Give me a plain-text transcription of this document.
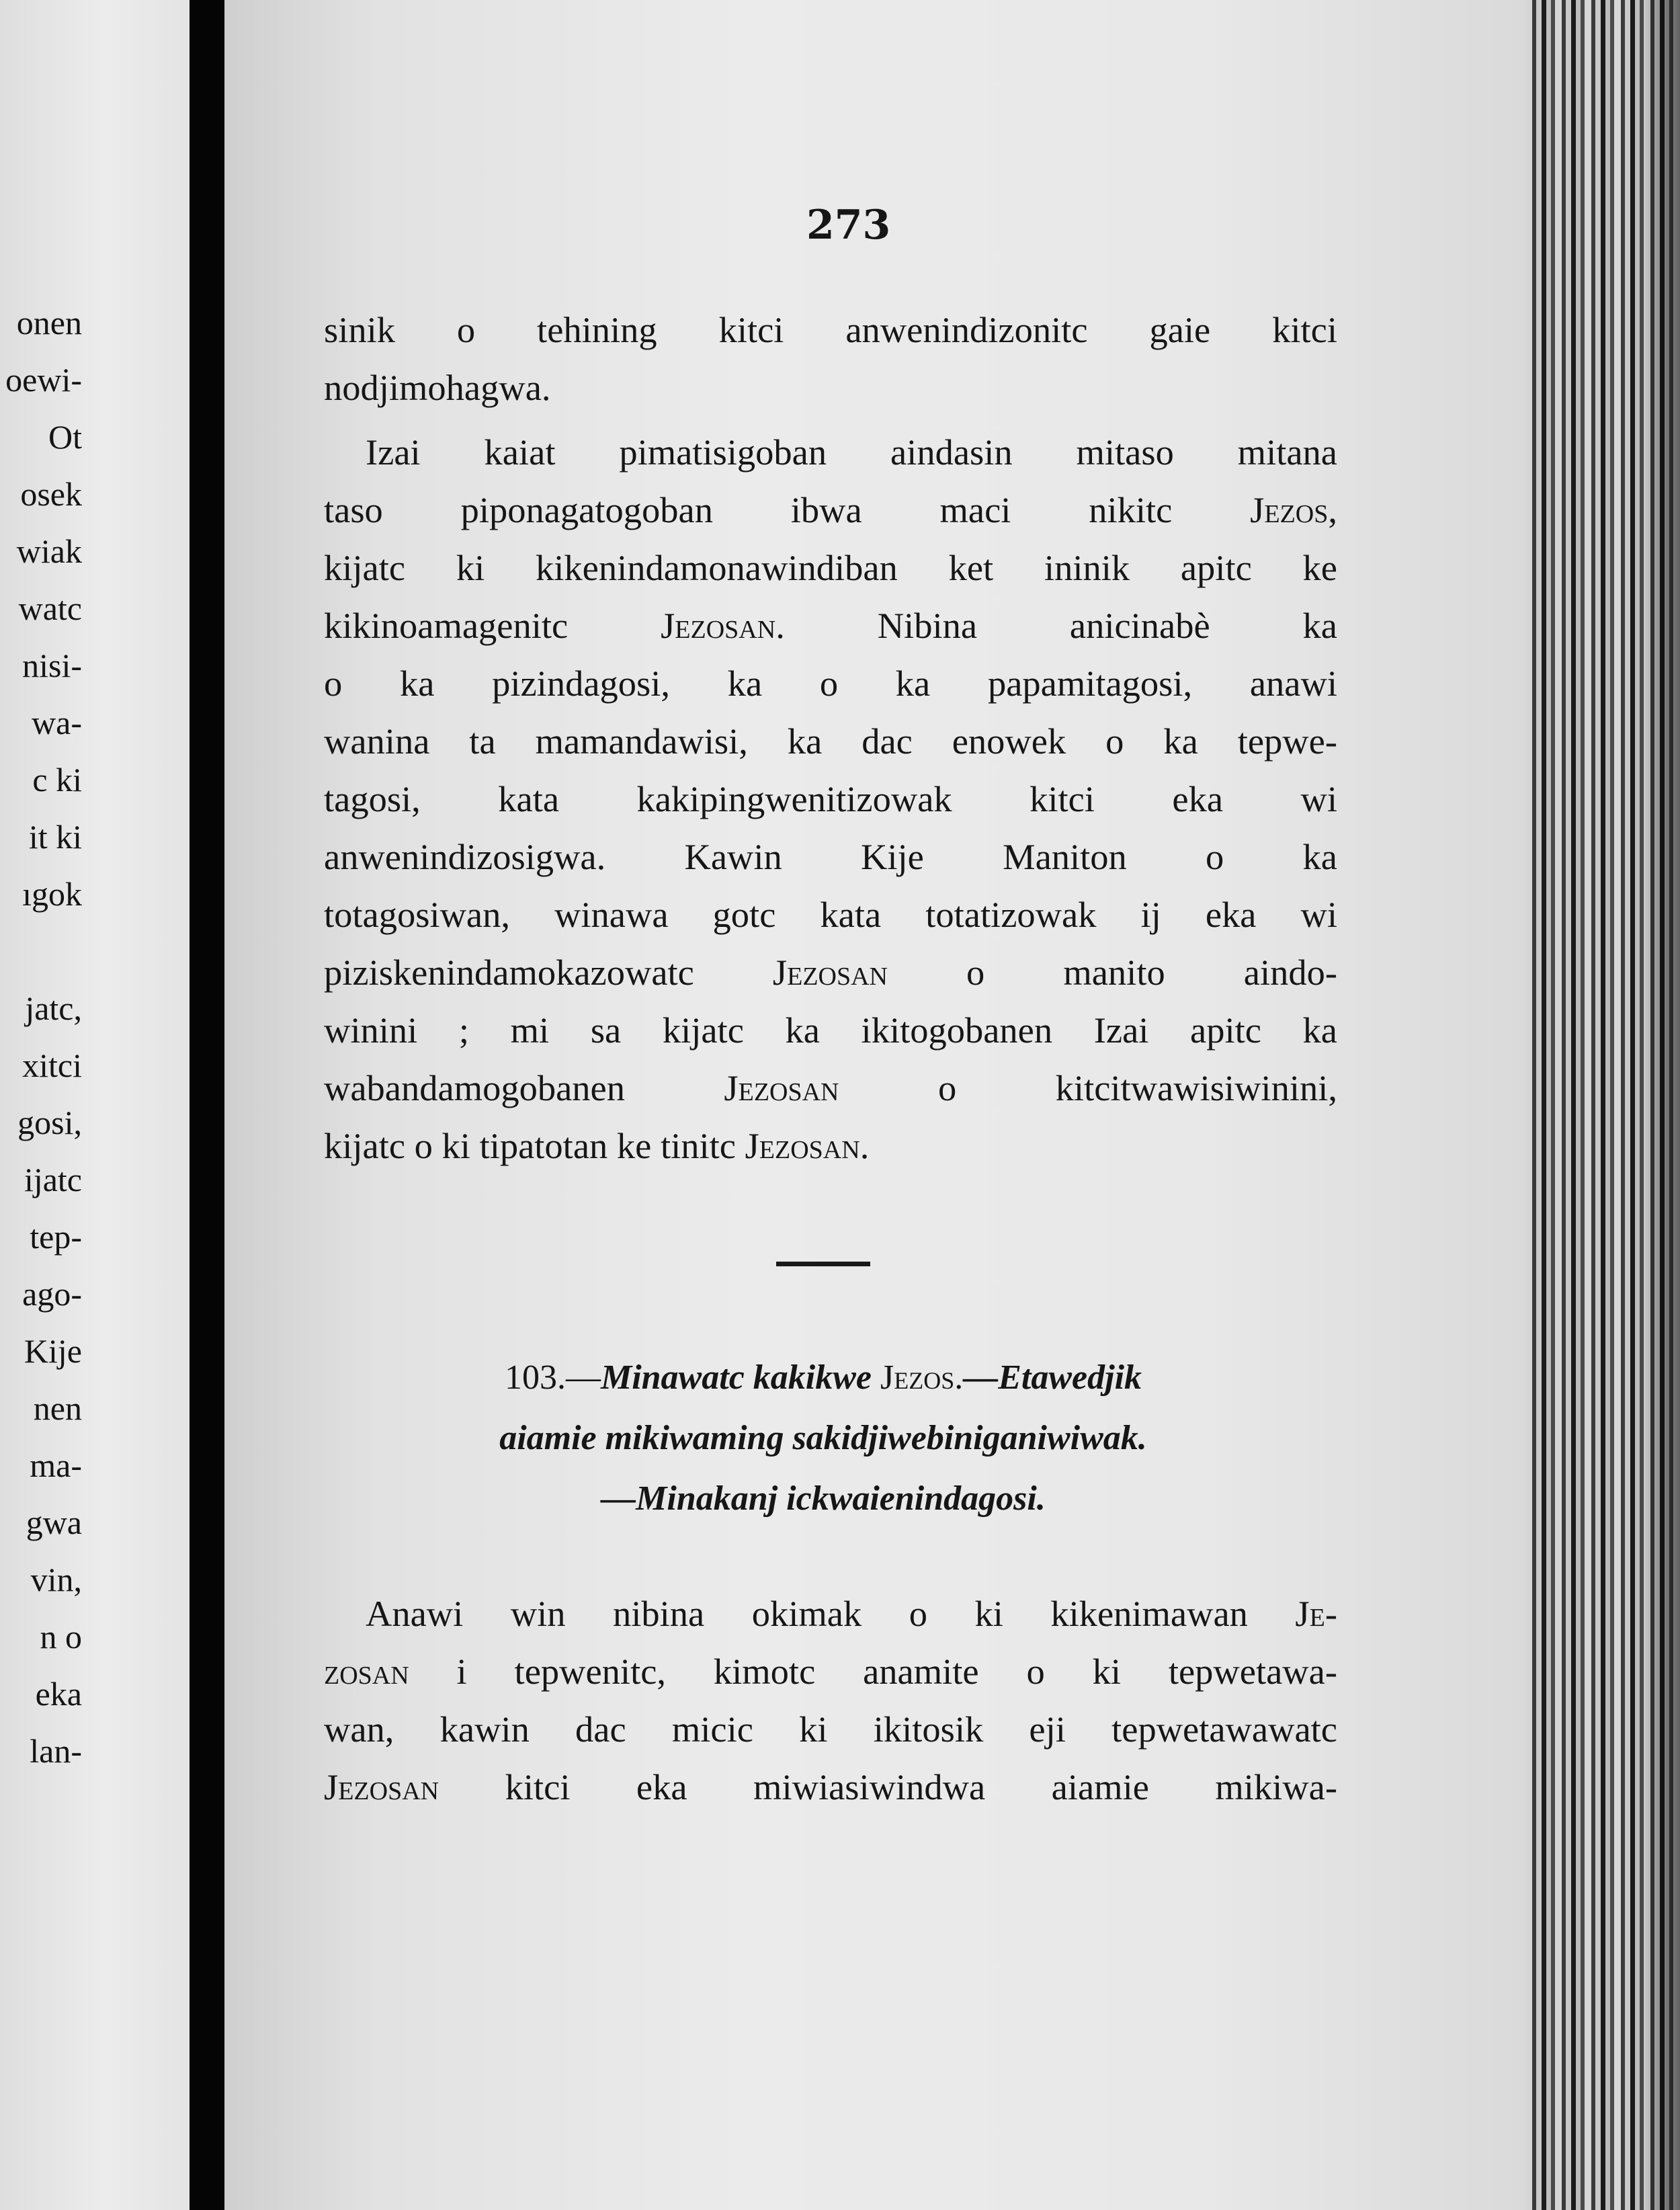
onen

oewi-

Ot

osek

wiak

watc

nisi-

wa-

c ki

it ki

ıgok

jatc,

xitci

gosi,

ijatc

tep-

ago-

Kije

nen

ma-

gwa

vin,

n o

eka

lan-

273

sinik o tehining kitci anwenindizonitc gaie kitci

nodjimohagwa.

Izai kaiat pimatisigoban aindasin mitaso mitana

taso piponagatogoban ibwa maci nikitc Jezos,

kijatc ki kikenindamonawindiban ket ininik apitc ke

kikinoamagenitc Jezosan. Nibina anicinabè ka

o ka pizindagosi, ka o ka papamitagosi, anawi

wanina ta mamandawisi, ka dac enowek o ka tepwe-

tagosi, kata kakipingwenitizowak kitci eka wi

anwenindizosigwa. Kawin Kije Maniton o ka

totagosiwan, winawa gotc kata totatizowak ij eka wi

piziskenindamokazowatc Jezosan o manito aindo-

winini ; mi sa kijatc ka ikitogobanen Izai apitc ka

wabandamogobanen Jezosan o kitcitwawisiwinini,

kijatc o ki tipatotan ke tinitc Jezosan.

103.—Minawatc kakikwe Jezos.—Etawedjik

aiamie mikiwaming sakidjiwebiniganiwiwak.

—Minakanj ickwaienindagosi.

Anawi win nibina okimak o ki kikenimawan Je-

zosan i tepwenitc, kimotc anamite o ki tepwetawa-

wan, kawin dac micic ki ikitosik eji tepwetawawatc

Jezosan kitci eka miwiasiwindwa aiamie mikiwa-
